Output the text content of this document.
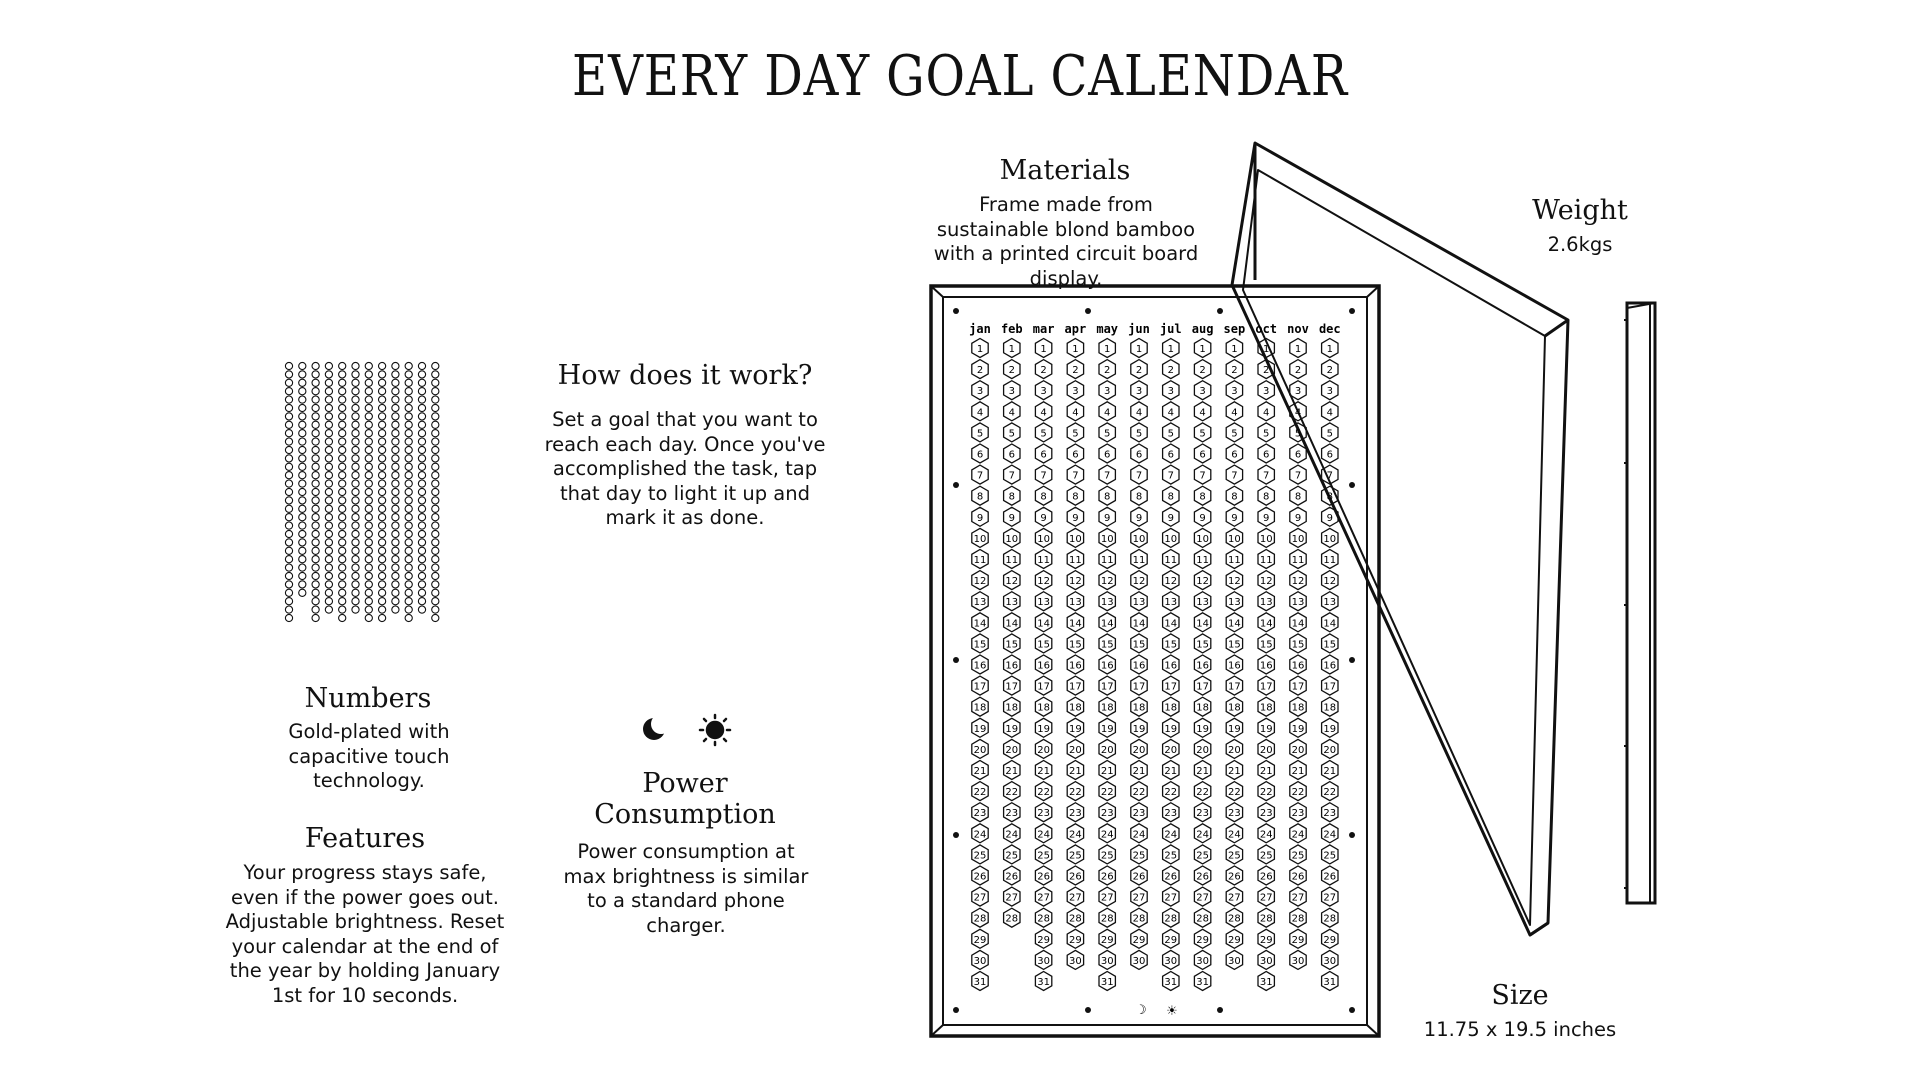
EVERY DAY GOAL CALENDAR
Materials
Frame made from sustainable blond bamboo with a printed circuit board display.
Weight
2.6kgs
How does it work?
Set a goal that you want to reach each day. Once you've accomplished the task, tap that day to light it up and mark it as done.
Numbers
Gold-plated with capacitive touch technology.	Power Consumption
Power consumption at max brightness is similar to a standard phone charger.
Features
Your progress stays safe, even if the power goes out. Adjustable brightness. Reset your calendar at the end of the year by holding January 1st for 10 seconds.	Size
11.75 x 19.5 inches
jan feb mar apr may jun jul aug sep oct nov dec
1
2
3
4
5
6
7
8
9
10
11
12
13
14
15
16
17
18
19
20
21
22
23
24
25
26
27
28
29
30
31
1
2
3
4
5
6
7
8
9
10
11
12
13
14
15
16
17
18
19
20
21
22
23
24
25
26
27
28
1
2
3
4
5
6
7
8
9
10
11
12
13
14
15
16
17
18
19
20
21
22
23
24
25
26
27
28
29
30
31
1
2
3
4
5
6
7
8
9
10
11
12
13
14
15
16
17
18
19
20
21
22
23
24
25
26
27
28
29
30
1
2
3
4
5
6
7
8
9
10
11
12
13
14
15
16
17
18
19
20
21
22
23
24
25
26
27
28
29
30
31
1
2
3
4
5
6
7
8
9
10
11
12
13
14
15
16
17
18
19
20
21
22
23
24
25
26
27
28
29
30
1
2
3
4
5
6
7
8
9
10
11
12
13
14
15
16
17
18
19
20
21
22
23
24
25
26
27
28
29
30
31
1
2
3
4
5
6
7
8
9
10
11
12
13
14
15
16
17
18
19
20
21
22
23
24
25
26
27
28
29
30
31
1
2
3
4
5
6
7
8
9
10
11
12
13
14
15
16
17
18
19
20
21
22
23
24
25
26
27
28
29
30
1
2
3
4
5
6
7
8
9
10
11
12
13
14
15
16
17
18
19
20
21
22
23
24
25
26
27
28
29
30
31
1
2
3
4
5
6
7
8
9
10
11
12
13
14
15
16
17
18
19
20
21
22
23
24
25
26
27
28
29
30
1
2
3
4
5
6
7
8
9
10
11
12
13
14
15
16
17
18
19
20
21
22
23
24
25
26
27
28
29
30
31
☽ ☀
